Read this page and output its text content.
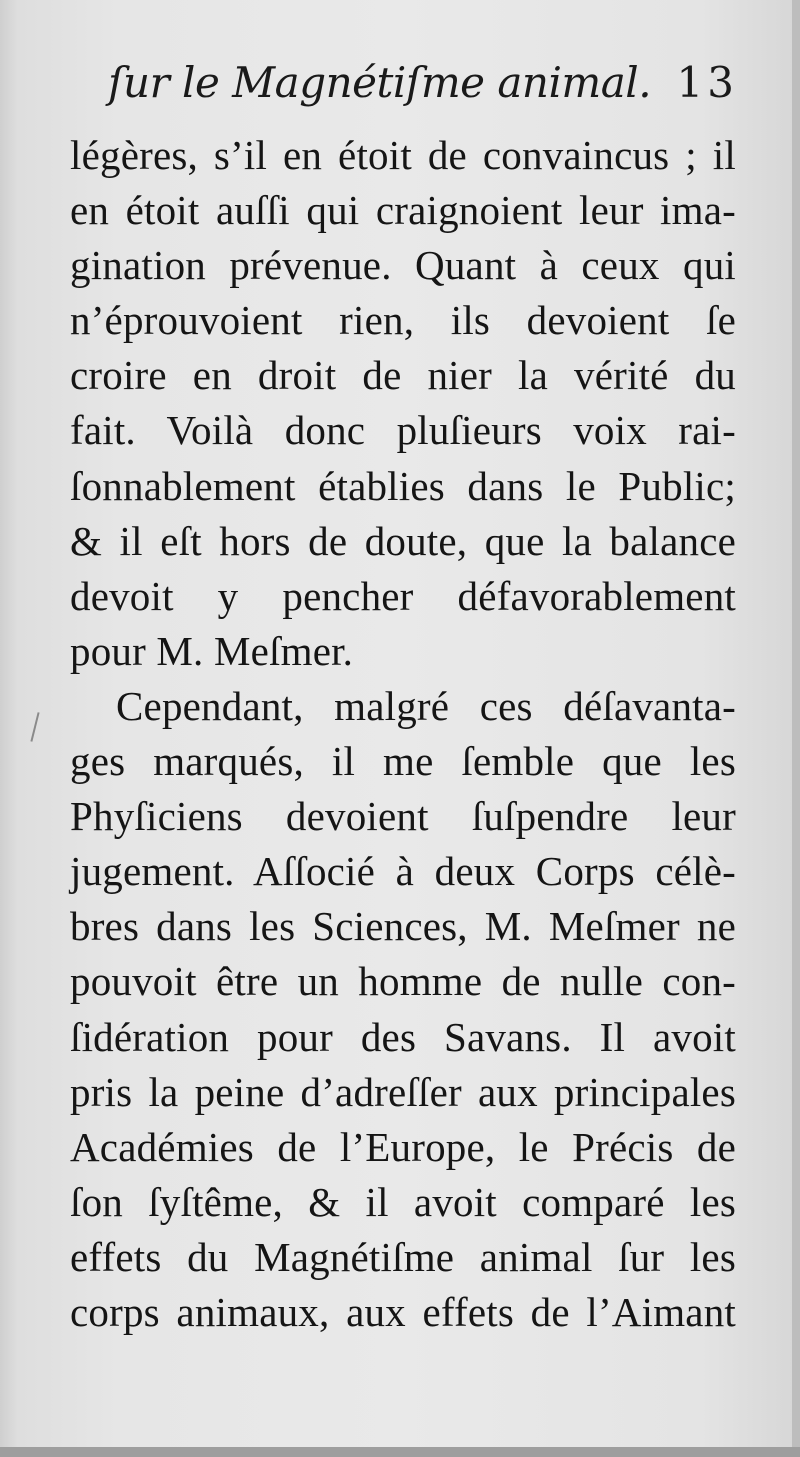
ſur le Magnétiſme animal. 13
légères, s’il en étoit de convaincus ; il
en étoit auſſi qui craignoient leur ima-
gination prévenue. Quant à ceux qui
n’éprouvoient rien, ils devoient ſe
croire en droit de nier la vérité du
fait. Voilà donc pluſieurs voix rai-
ſonnablement établies dans le Public;
& il eſt hors de doute, que la balance
devoit y pencher défavorablement
pour M. Meſmer.
Cependant, malgré ces déſavanta-
ges marqués, il me ſemble que les
Phyſiciens devoient ſuſpendre leur
jugement. Aſſocié à deux Corps célè-
bres dans les Sciences, M. Meſmer ne
pouvoit être un homme de nulle con-
ſidération pour des Savans. Il avoit
pris la peine d’adreſſer aux principales
Académies de l’Europe, le Précis de
ſon ſyſtême, & il avoit comparé les
effets du Magnétiſme animal ſur les
corps animaux, aux effets de l’Aimant
